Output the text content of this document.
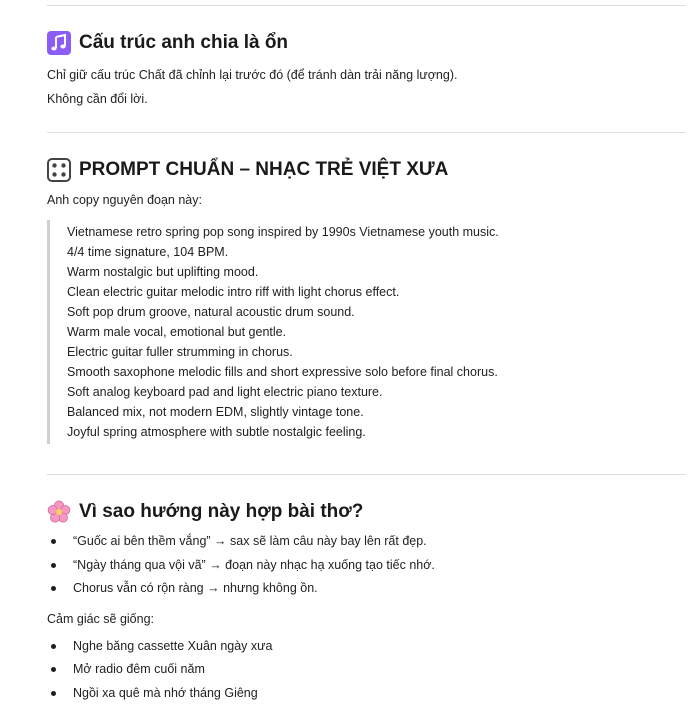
Cấu trúc anh chia là ổn

Chỉ giữ cấu trúc Chất đã chỉnh lại trước đó (để tránh dàn trải năng lượng).

Không cần đổi lời.

PROMPT CHUẨN – NHẠC TRẺ VIỆT XƯA

Anh copy nguyên đoạn này:

Vietnamese retro spring pop song inspired by 1990s Vietnamese youth music.
4/4 time signature, 104 BPM.
Warm nostalgic but uplifting mood.
Clean electric guitar melodic intro riff with light chorus effect.
Soft pop drum groove, natural acoustic drum sound.
Warm male vocal, emotional but gentle.
Electric guitar fuller strumming in chorus.
Smooth saxophone melodic fills and short expressive solo before final chorus.
Soft analog keyboard pad and light electric piano texture.
Balanced mix, not modern EDM, slightly vintage tone.
Joyful spring atmosphere with subtle nostalgic feeling.
Vì sao hướng này hợp bài thơ?
“Guốc ai bên thềm vắng” → sax sẽ làm câu này bay lên rất đẹp.
“Ngày tháng qua vội vã” → đoạn này nhạc hạ xuống tạo tiếc nhớ.
Chorus vẫn có rộn ràng → nhưng không ồn.

Cảm giác sẽ giống:

Nghe băng cassette Xuân ngày xưa
Mở radio đêm cuối năm
Ngồi xa quê mà nhớ tháng Giêng
